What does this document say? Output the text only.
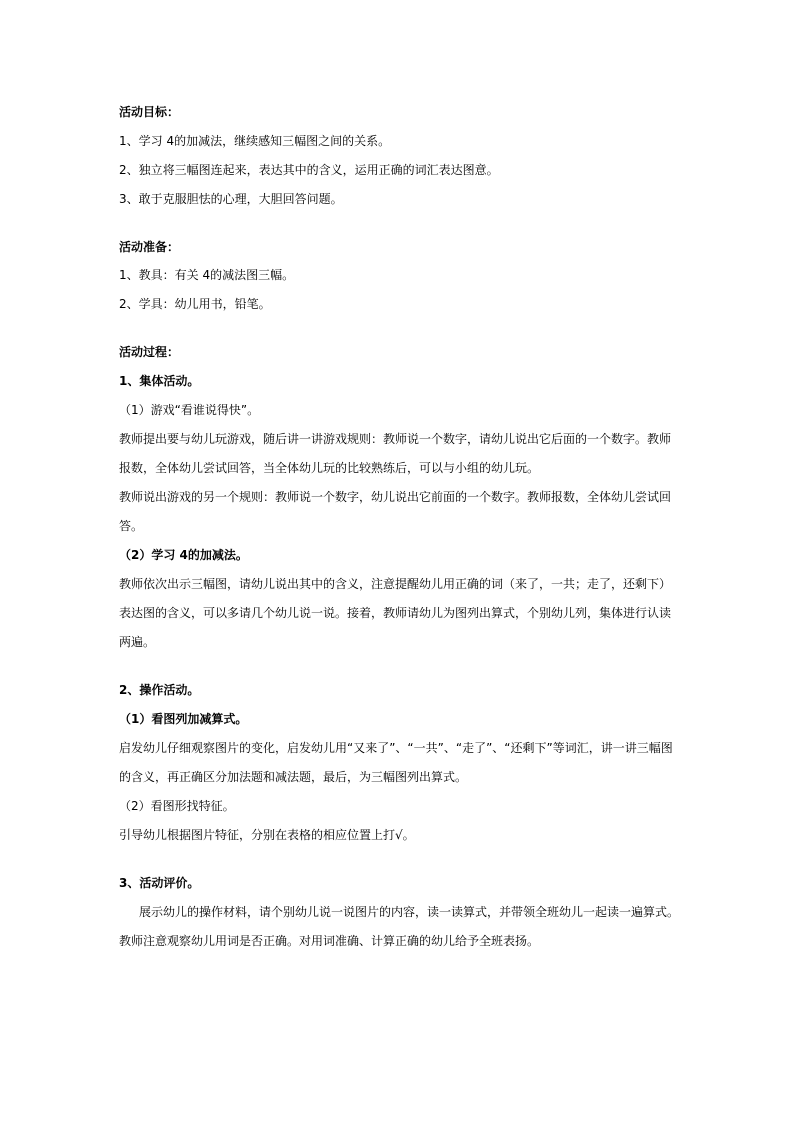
活动目标：
1、学习 4的加减法，继续感知三幅图之间的关系。
2、独立将三幅图连起来，表达其中的含义，运用正确的词汇表达图意。
3、敢于克服胆怯的心理，大胆回答问题。
活动准备：
1、教具：有关 4的减法图三幅。
2、学具：幼儿用书，铅笔。
活动过程：
1、集体活动。
（1）游戏“看谁说得快”。
教师提出要与幼儿玩游戏，随后讲一讲游戏规则：教师说一个数字，请幼儿说出它后面的一个数字。教师
报数，全体幼儿尝试回答，当全体幼儿玩的比较熟练后，可以与小组的幼儿玩。
教师说出游戏的另一个规则：教师说一个数字，幼儿说出它前面的一个数字。教师报数，全体幼儿尝试回
答。
（2）学习 4的加减法。
教师依次出示三幅图，请幼儿说出其中的含义，注意提醒幼儿用正确的词（来了，一共；走了，还剩下）
表达图的含义，可以多请几个幼儿说一说。接着，教师请幼儿为图列出算式，个别幼儿列，集体进行认读
两遍。
2、操作活动。
（1）看图列加减算式。
启发幼儿仔细观察图片的变化，启发幼儿用“又来了”、“一共”、“走了”、“还剩下”等词汇，讲一讲三幅图
的含义，再正确区分加法题和减法题，最后，为三幅图列出算式。
（2）看图形找特征。
引导幼儿根据图片特征，分别在表格的相应位置上打√。
3、活动评价。
展示幼儿的操作材料，请个别幼儿说一说图片的内容，读一读算式，并带领全班幼儿一起读一遍算式。
教师注意观察幼儿用词是否正确。对用词准确、计算正确的幼儿给予全班表扬。
